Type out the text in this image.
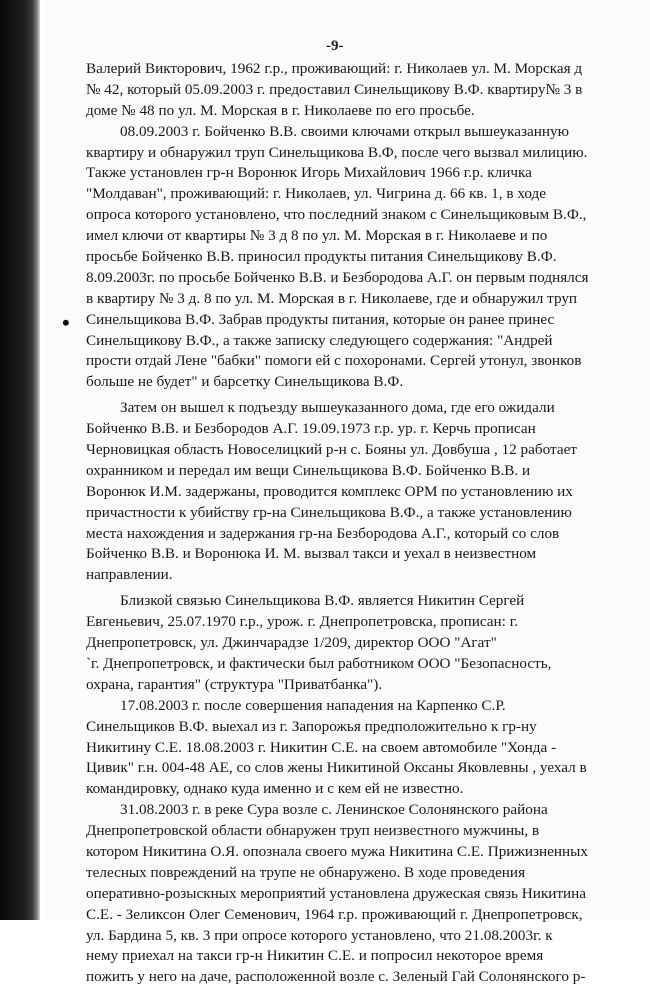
-9-
•
Валерий Викторович, 1962 г.р., проживающий: г. Николаев ул. М. Морская д
№ 42, который 05.09.2003 г. предоставил Синельщикову В.Ф. квартиру№ 3 в
доме № 48 по ул. М. Морская в г. Николаеве по его просьбе.
08.09.2003 г. Бойченко В.В. своими ключами открыл вышеуказанную
квартиру и обнаружил труп Синельщикова В.Ф, после чего вызвал милицию.
Также установлен гр-н Воронюк Игорь Михайлович 1966 г.р. кличка
"Молдаван", проживающий: г. Николаев, ул. Чигрина д. 66 кв. 1, в ходе
опроса которого установлено, что последний знаком с Синельщиковым В.Ф.,
имел ключи от квартиры № 3 д 8 по ул. М. Морская в г. Николаеве и по
просьбе Бойченко В.В. приносил продукты питания Синельщикову В.Ф.
8.09.2003г. по просьбе Бойченко В.В. и Безбородова А.Г. он первым поднялся
в квартиру № 3 д. 8 по ул. М. Морская в г. Николаеве, где и обнаружил труп
Синельщикова В.Ф. Забрав продукты питания, которые он ранее принес
Синельщикову В.Ф., а также записку следующего содержания: "Андрей
прости отдай Лене "бабки" помоги ей с похоронами. Сергей утонул, звонков
больше не будет" и барсетку Синельщикова В.Ф.
Затем он вышел к подъезду вышеуказанного дома, где его ожидали
Бойченко В.В. и Безбородов А.Г. 19.09.1973 г.р. ур. г. Керчь прописан
Черновицкая область Новоселицкий р-н с. Бояны ул. Довбуша , 12 работает
охранником и передал им вещи Синельщикова В.Ф. Бойченко В.В. и
Воронюк И.М. задержаны, проводится комплекс ОРМ по установлению их
причастности к убийству гр-на Синельщикова В.Ф., а также установлению
места нахождения и задержания гр-на Безбородова А.Г., который со слов
Бойченко В.В. и Воронюка И. М. вызвал такси и уехал в неизвестном
направлении.
Близкой связью Синельщикова В.Ф. является Никитин Сергей
Евгеньевич, 25.07.1970 г.р., урож. г. Днепропетровска, прописан: г.
Днепропетровск, ул. Джинчарадзе 1/209, директор ООО "Агат"
`г. Днепропетровск, и фактически был работником ООО "Безопасность,
охрана, гарантия" (структура "Приватбанка").
17.08.2003 г. после совершения нападения на Карпенко С.Р.
Синельщиков В.Ф. выехал из г. Запорожья предположительно к гр-ну
Никитину С.Е. 18.08.2003 г. Никитин С.Е. на своем автомобиле "Хонда -
Цивик" г.н. 004-48 АЕ, со слов жены Никитиной Оксаны Яковлевны , уехал в
командировку, однако куда именно и с кем ей не известно.
31.08.2003 г. в реке Сура возле с. Ленинское Солонянского района
Днепропетровской области обнаружен труп неизвестного мужчины, в
котором Никитина О.Я. опознала своего мужа Никитина С.Е. Прижизненных
телесных повреждений на трупе не обнаружено. В ходе проведения
оперативно-розыскных мероприятий установлена дружеская связь Никитина
С.Е. - Зеликсон Олег Семенович, 1964 г.р. проживающий г. Днепропетровск,
ул. Бардина 5, кв. 3 при опросе которого установлено, что 21.08.2003г. к
нему приехал на такси гр-н Никитин С.Е. и попросил некоторое время
пожить у него на даче, расположенной возле с. Зеленый Гай Солонянского р-
